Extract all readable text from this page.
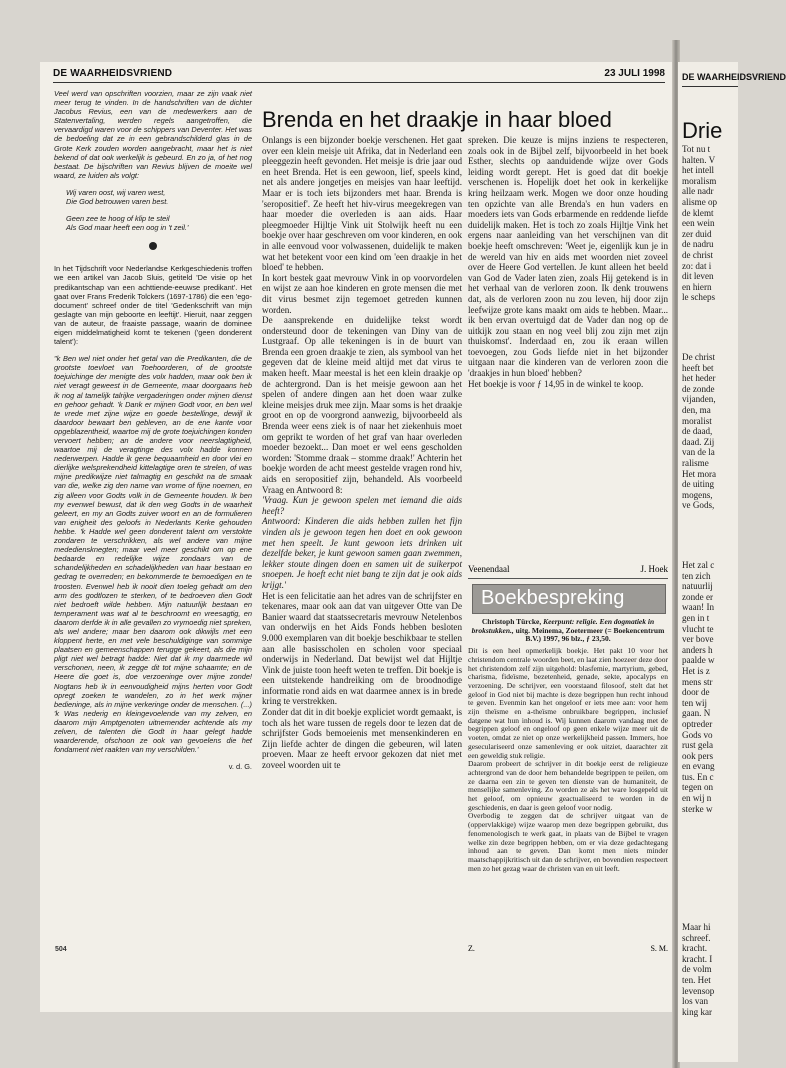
DE WAARHEIDSVRIEND	23 JULI 1998

Veel werd van opschriften voorzien, maar ze zijn vaak niet meer terug te vinden. In de handschriften van de dichter Jacobus Revius, een van de medewerkers aan de Statenvertaling, werden regels aangetroffen, die vervaardigd waren voor de schippers van Deventer. Het was de bedoeling dat ze in een gebrandschilderd glas in de Grote Kerk zouden worden aangebracht, maar het is niet bekend of dat ook werkelijk is gebeurd. En zo ja, of het nog bestaat. De bijschriften van Revius blijven de moeite wel waard, ze luiden als volgt:

Wij varen oost, wij varen west,
Die God betrouwen varen best.

Geen zee te hoog of klip te steil
Als God maar heeft een oog in 't zeil.'

In het Tijdschrift voor Nederlandse Kerkgeschiedenis troffen we een artikel van Jacob Sluis, getiteld 'De visie op het predikantschap van een achttiende-eeuwse predikant'. Het gaat over Frans Frederik Tolckers (1697-1786) die een 'ego-document' schreef onder de titel 'Gedenkschrift van mijn geslagte van mijn geboorte en leeftijt'. Hieruit, naar zeggen van de auteur, de fraaiste passage, waarin de dominee eigen middelmatigheid komt te tekenen ('geen donderent talent'):

"k Ben wel niet onder het getal van die Predikanten, die de grootste toevloet van Toehoorderen, of de grootste toejuichinge der menigte des volx hadden, maar ook ben ik niet veragt geweest in de Gemeente, maar doorgaans heb ik nog al tamelijk talrijke vergaderingen onder mijnen dienst en gehoor gehadt. 'k Dank er mijnen Godt voor, en ben wel te vrede met zijne wijze en goede bestellinge, dewijl ik daardoor bewaart ben gebleven, an de ene kante voor opgeblazentheid, waartoe mij de grote toejuichingen konden vervoert hebben; an de andere voor neerslagtigheid, waartoe mij de veragtinge des volx hadde konnen nederwerpen. Hadde ik gene bequaamheid en door vlei en dierlijke welsprekendheid kittelagtige oren te strelen, of was mijne predikwijze niet talmagtig en geschikt na de smaak van die, welke zig den name van vrome of fijne noemen, en zig alleen voor Godts volk in de Gemeente houden. Ik ben my evenwel bewust, dat ik den weg Godts in de waarheit geleert, en my an Godts zuiver woort en an de formulieren van enigheit des geloofs in Nederlants Kerke gehouden hebbe. 'k Hadde wel geen donderent talent om verstokte zondaren te verschrikken, als wel andere van mijne medediensknegten; maar veel meer geschikt om op ene bedaarde en redelijke wijze zondaars van de schandelijkheden en schadelijkheden van haar bestaan en gedrag te overreden; en bekommerde te bemoedigen en te troosten. Evenwel heb ik nooit dien toeleg gehadt om den arm des godtlozen te sterken, of te bedroeven dien Godt niet bedroeft wilde hebben. Mijn natuurlijk bestaan en temperament was wat al te beschroomt en vreesagtig, en daarom derfde ik in alle gevallen zo vrymoedig niet spreken, als wel andere; maar ben daarom ook dikwijls met een kloppent herte, en met vele beschuldiginge van sommige plaatsen en gemeenschappen terugge gekeert, als die mijn pligt niet wel betragt hadde: Niet dat ik my daarmede wil verschonen, neen, ik zegge dit tot mijne schaamte; en de Heere die goet is, doe verzoeninge over mijne zonde! Nogtans heb ik in eenvoudigheid mijns herten voor Godt opregt zoeken te wandelen, zo in het werk mijner bedieninge, als in mijne verkeringe onder de menschen. (...) 'k Was nederig en kleingevoelende van my zelven, en daarom mijn Amptgenoten uitnemender achtende als my zelven, de talenten die Godt in haar gelegt hadde waarderende, ofschoon ze ook van gevoelens die het fondament niet raakten van my verschilden.'

v. d. G.
Brenda en het draakje in haar bloed

Onlangs is een bijzonder boekje verschenen. Het gaat over een klein meisje uit Afrika, dat in Nederland een pleeggezin heeft gevonden. Het meisje is drie jaar oud en heet Brenda. Het is een gewoon, lief, speels kind, net als andere jongetjes en meisjes van haar leeftijd. Maar er is toch iets bijzonders met haar. Brenda is 'seropositief'. Ze heeft het hiv-virus meegekregen van haar moeder die overleden is aan aids. Haar pleegmoeder Hijltje Vink uit Stolwijk heeft nu een boekje over haar geschreven om voor kinderen, en ook in alle eenvoud voor volwassenen, duidelijk te maken wat het betekent voor een kind om 'een draakje in het bloed' te hebben.

In kort bestek gaat mevrouw Vink in op voorvordelen en wijst ze aan hoe kinderen en grote mensen die met dit virus besmet zijn tegemoet getreden kunnen worden.

De aansprekende en duidelijke tekst wordt ondersteund door de tekeningen van Diny van de Lustgraaf. Op alle tekeningen is in de buurt van Brenda een groen draakje te zien, als symbool van het gegeven dat de kleine meid altijd met dat virus te maken heeft. Maar meestal is het een klein draakje op de achtergrond. Dan is het meisje gewoon aan het spelen of andere dingen aan het doen waar zulke kleine meisjes druk mee zijn. Maar soms is het draakje groot en op de voorgrond aanwezig, bijvoorbeeld als Brenda weer eens ziek is of naar het ziekenhuis moet om geprikt te worden of het graf van haar overleden moeder bezoekt... Dan moet er wel eens gescholden worden: 'Stomme draak – stomme draak!' Achterin het boekje worden de acht meest gestelde vragen rond hiv, aids en seropositief zijn, behandeld. Als voorbeeld Vraag en Antwoord 8:

'Vraag. Kun je gewoon spelen met iemand die aids heeft?

Antwoord: Kinderen die aids hebben zullen het fijn vinden als je gewoon tegen hen doet en ook gewoon met hen speelt. Je kunt gewoon iets drinken uit dezelfde beker, je kunt gewoon samen gaan zwemmen, lekker stoute dingen doen en samen uit de suikerpot snoepen. Je hoeft echt niet bang te zijn dat je ook aids krijgt.'

Het is een felicitatie aan het adres van de schrijfster en tekenares, maar ook aan dat van uitgever Otte van De Banier waard dat staatssecretaris mevrouw Netelenbos van onderwijs en het Aids Fonds hebben besloten 9.000 exemplaren van dit boekje beschikbaar te stellen aan alle basisscholen en scholen voor speciaal onderwijs in Nederland. Dat bewijst wel dat Hijltje Vink de juiste toon heeft weten te treffen. Dit boekje is een uitstekende handreiking om de broodnodige informatie rond aids en wat daarmee annex is in brede kring te verstrekken.

Zonder dat dit in dit boekje expliciet wordt gemaakt, is toch als het ware tussen de regels door te lezen dat de schrijfster Gods bemoeienis met mensenkinderen en Zijn liefde achter de dingen die gebeuren, wil laten proeven. Maar ze heeft ervoor gekozen dat niet met zoveel woorden uit te

spreken. Die keuze is mijns inziens te respecteren, zoals ook in de Bijbel zelf, bijvoorbeeld in het boek Esther, slechts op aanduidende wijze over Gods leiding wordt gerept. Het is goed dat dit boekje verschenen is. Hopelijk doet het ook in kerkelijke kring heilzaam werk. Mogen we door onze houding ten opzichte van alle Brenda's en hun vaders en moeders iets van Gods erbarmende en reddende liefde duidelijk maken. Het is toch zo zoals Hijltje Vink het ergens naar aanleiding van het verschijnen van dit boekje heeft omschreven: 'Weet je, eigenlijk kun je in de wereld van hiv en aids met woorden niet zoveel over de Heere God vertellen. Je kunt alleen het beeld van God de Vader laten zien, zoals Hij getekend is in het verhaal van de verloren zoon. Ik denk trouwens dat, als de verloren zoon nu zou leven, hij door zijn leefwijze grote kans maakt om aids te hebben. Maar... ik ben ervan overtuigd dat de Vader dan nog op de uitkijk zou staan en nog veel blij zou zijn met zijn thuiskomst'. Inderdaad en, zou ik eraan willen toevoegen, zou Gods liefde niet in het bijzonder uitgaan naar die kinderen van de verloren zoon die 'draakjes in hun bloed' hebben?

Het boekje is voor ƒ 14,95 in de winkel te koop.

Veenendaal	J. Hoek
Boekbespreking

Christoph Türcke, Keerpunt: religie. Een dogmatiek in brokstukken., uitg. Meinema, Zoetermeer (= Boekencentrum B.V.) 1997, 96 blz., ƒ 23,50.

Dit is een heel opmerkelijk boekje. Het pakt 10 voor het christendom centrale woorden beet, en laat zien hoezeer deze door het christendom zelf zijn uitgehold: blasfemie, martyrium, gebed, charisma, fideïsme, bezetenheid, genade, sekte, apocalyps en verzoening. De schrijver, een voorstaand filosoof, stelt dat het geloof in God niet bij machte is deze begrippen hun recht inhoud te geven. Evenmin kan het ongeloof er iets mee aan: voor hem zijn theïsme en a-theïsme onbruikbare begrippen, inclusief datgene wat hun inhoud is. Wij kunnen daarom vandaag met de begrippen geloof en ongeloof op geen enkele wijze meer uit de voeten, omdat ze niet op onze werkelijkheid passen. Immers, hoe geseculariseerd onze samenleving er ook uitziet, daarachter zit een geweldig stuk religie.

Daarom probeert de schrijver in dit boekje eerst de religieuze achtergrond van de door hem behandelde begrippen te peilen, om ze daarna een zin te geven ten dienste van de humaniteit, de menselijke samenleving. Zo worden ze als het ware losgepeld uit het geloof, om opnieuw geactualiseerd te worden in de geschiedenis, en daar is geen geloof voor nodig.

Overbodig te zeggen dat de schrijver uitgaat van de (oppervlakkige) wijze waarop men deze begrippen gebruikt, dus fenomenologisch te werk gaat, in plaats van de Bijbel te vragen welke zin deze begrippen hebben, om er via deze gedachtegang inhoud aan te geven. Dan komt men niets minder maatschappijkritisch uit dan de schrijver, en bovendien respecteert men zo het gezag waar de christen van en uit leeft.

Z.	S. M.
504
DE WAARHEIDSVRIEND
Drie
Tot nu t
halten. V
het intell
moralism
alle nadr
alisme op
de klemt
een wein
zer duid
de nadru
de christ
zo: dat i
dit leven
en hiern
le scheps
De christ
heeft bet
het heder
de zonde
vijanden,
den, ma
moralist
de daad,
daad. Zij
van de la
ralisme
Het mora
de uiting
mogens,
ve Gods,
Het zal c
ten zich
natuurlij
zonde er
waan! In
gen in t
vlucht te
ver bove
anders h
paalde w
Het is z
mens str
door de
ten wij
gaan. N
optreder
Gods vo
rust gela
ook pers
en evang
tus. En c
tegen on
en wij n
sterke w
Maar hi
schreef.
kracht.
kracht. I
de volm
ten. Het
levensop
los van
king kar
